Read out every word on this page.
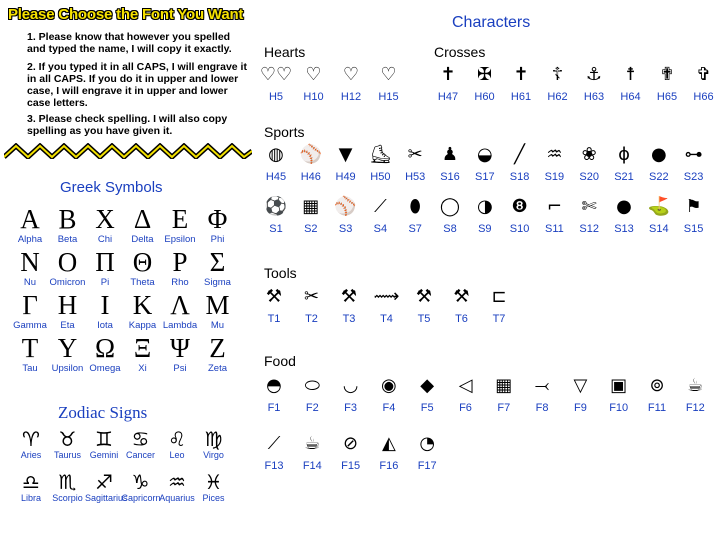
Please Choose the Font You Want
1. Please know that however you spelled and typed the name, I will copy it exactly.
2. If you typed it in all CAPS, I will engrave it in all CAPS. If you do it in upper and lower case, I will engrave it in upper and lower case letters.
3. Please check spelling. I will also copy spelling as you have given it.
Greek Symbols
Α
Alpha
Β
Beta
Χ
Chi
Δ
Delta
Ε
Epsilon
Φ
Phi
Ν
Nu
Ο
Omicron
Π
Pi
Θ
Theta
Ρ
Rho
Σ
Sigma
Γ
Gamma
Η
Eta
Ι
Iota
Κ
Kappa
Λ
Lambda
Μ
Mu
Τ
Tau
Υ
Upsilon
Ω
Omega
Ξ
Xi
Ψ
Psi
Ζ
Zeta
Zodiac Signs
♈
Aries
♉
Taurus
♊
Gemini
♋
Cancer
♌
Leo
♍
Virgo
♎
Libra
♏
Scorpio
♐
Sagittarius
♑
Capricorn
♒
Aquarius
♓
Pices
Characters
Hearts	Crosses
♡♡
H5
♡
H10
♡
H12
♡
H15
✝
H47
✠
H60
✝
H61
☦
H62
⚓
H63
☨
H64
✟
H65
✞
H66
Sports
◍
H45
⚾
H46
▼
H49
⛸
H50
✂
H53
♟
S16
◒
S17
╱
S18
♒
S19
❀
S20
ϕ
S21
●
S22
⊶
S23
⚽
S1
▦
S2
⚾
S3
⟋
S4
⬮
S7
◯
S8
◑
S9
❽
S10
⌐
S11
✄
S12
●
S13
⛳
S14
⚑
S15
Tools
⚒
T1
✂
T2
⚒
T3
⟿
T4
⚒
T5
⚒
T6
⊏
T7
Food
◓
F1
⬭
F2
◡
F3
◉
F4
◆
F5
◁
F6
▦
F7
⤙
F8
▽
F9
▣
F10
⊚
F11
☕
F12
⟋
F13
☕
F14
⊘
F15
◭
F16
◔
F17
